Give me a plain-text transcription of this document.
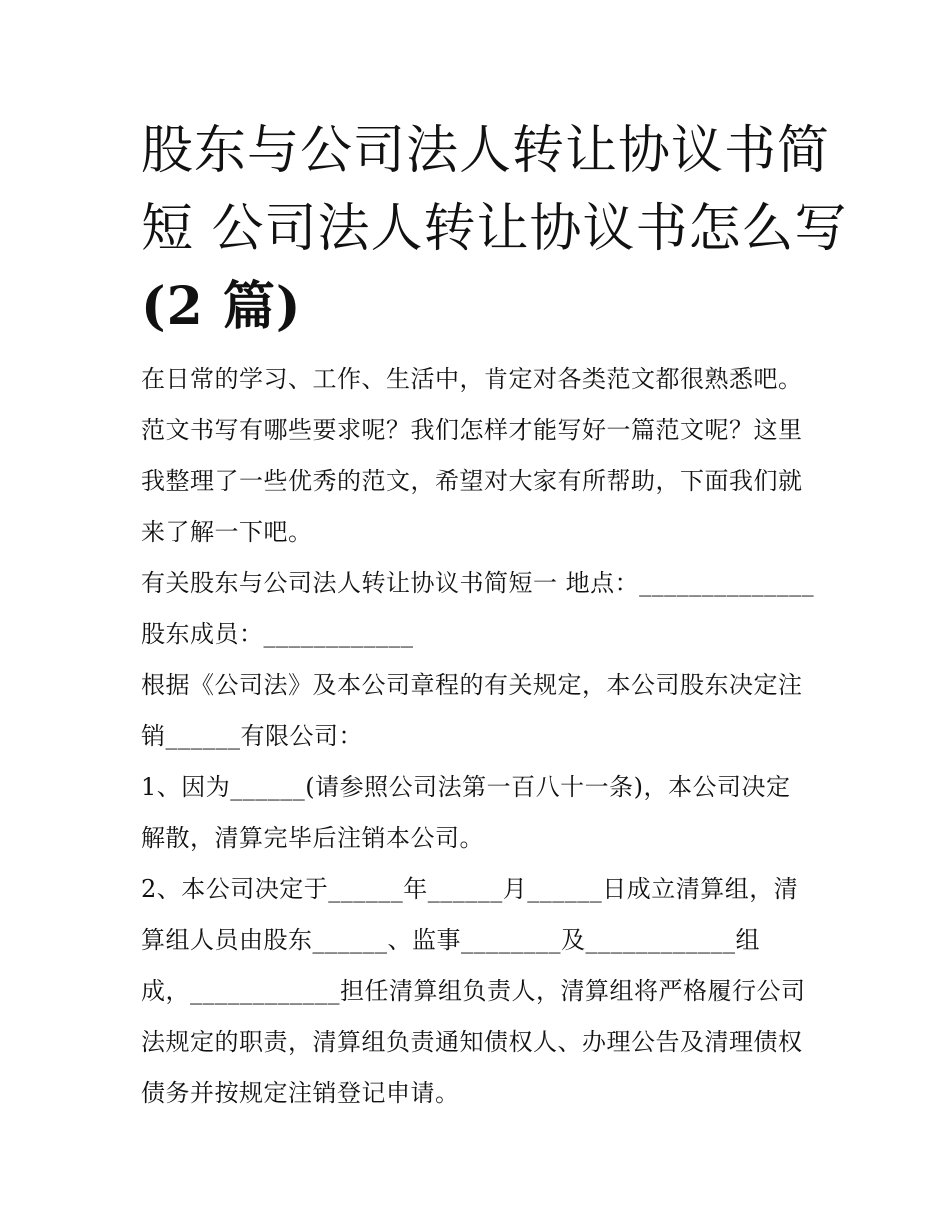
股东与公司法人转让协议书简
短 公司法人转让协议书怎么写
(2 篇)

在日常的学习、工作、生活中，肯定对各类范文都很熟悉吧。
范文书写有哪些要求呢？我们怎样才能写好一篇范文呢？这里
我整理了一些优秀的范文，希望对大家有所帮助，下面我们就
来了解一下吧。

有关股东与公司法人转让协议书简短一 地点：______________
股东成员：____________

根据《公司法》及本公司章程的有关规定，本公司股东决定注
销______有限公司：

1、因为______(请参照公司法第一百八十一条)，本公司决定
解散，清算完毕后注销本公司。

2、本公司决定于______年______月______日成立清算组，清
算组人员由股东______、监事________及____________组
成，____________担任清算组负责人，清算组将严格履行公司
法规定的职责，清算组负责通知债权人、办理公告及清理债权
债务并按规定注销登记申请。
